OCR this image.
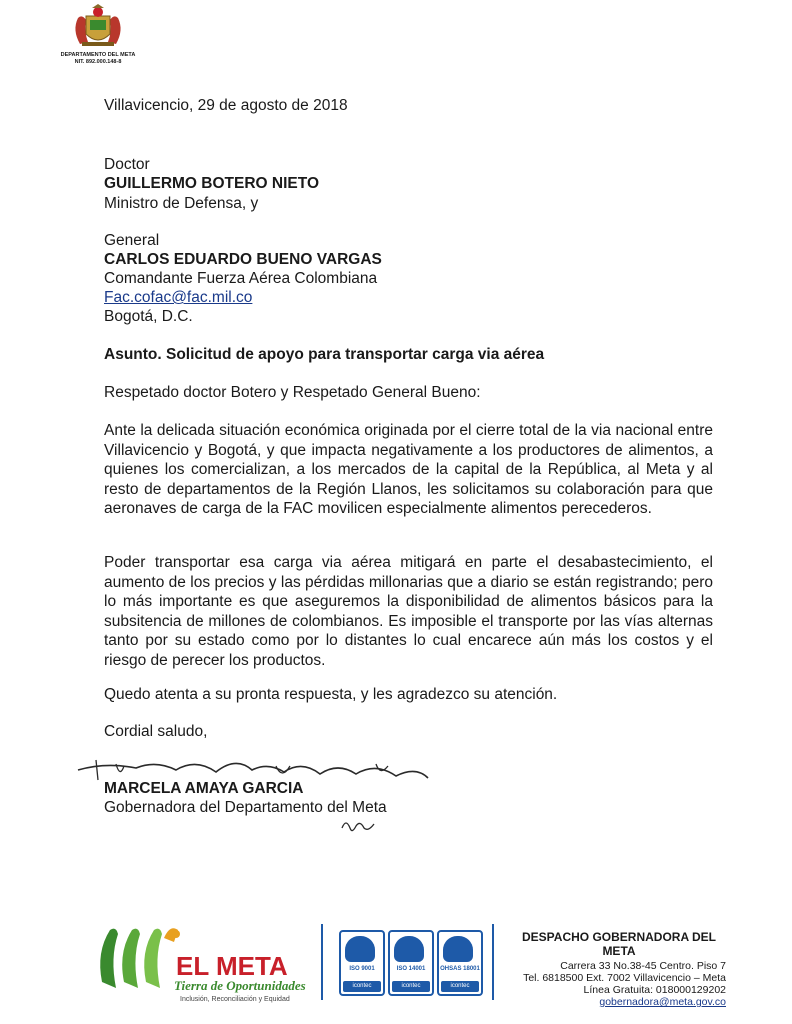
DEPARTAMENTO DEL META
NIT. 892.000.148-8
Villavicencio, 29 de agosto de 2018
Doctor
GUILLERMO BOTERO NIETO
Ministro de Defensa, y
General
CARLOS EDUARDO BUENO VARGAS
Comandante Fuerza Aérea Colombiana
Fac.cofac@fac.mil.co
Bogotá, D.C.
Asunto. Solicitud de apoyo para transportar carga via aérea
Respetado doctor Botero y Respetado General Bueno:
Ante la delicada situación económica originada por el cierre total de la via nacional entre Villavicencio y Bogotá, y que impacta negativamente a los productores de alimentos, a quienes los comercializan, a los mercados de la capital de la República, al Meta y al resto de departamentos de la Región Llanos, les solicitamos su colaboración para que aeronaves de carga de la FAC movilicen especialmente alimentos perecederos.
Poder transportar esa carga via aérea mitigará en parte el desabastecimiento, el aumento de los precios y las pérdidas millonarias que a diario se están registrando; pero lo más importante es que aseguremos la disponibilidad de alimentos básicos para la subsitencia de millones de colombianos. Es imposible el transporte por las vías alternas tanto por su estado como por lo distantes lo cual encarece aún más los costos y el riesgo de perecer los productos.
Quedo atenta a su pronta respuesta, y les agradezco su atención.
Cordial saludo,
MARCELA AMAYA GARCIA
Gobernadora del Departamento del Meta
EL META
Tierra de Oportunidades
Inclusión, Reconciliación y Equidad
ISO 9001
icontec
ISO 14001
icontec
OHSAS 18001
icontec
DESPACHO GOBERNADORA DEL META
Carrera 33 No.38-45 Centro. Piso 7
Tel. 6818500 Ext. 7002 Villavicencio – Meta
Línea Gratuita: 018000129202
gobernadora@meta.gov.co
